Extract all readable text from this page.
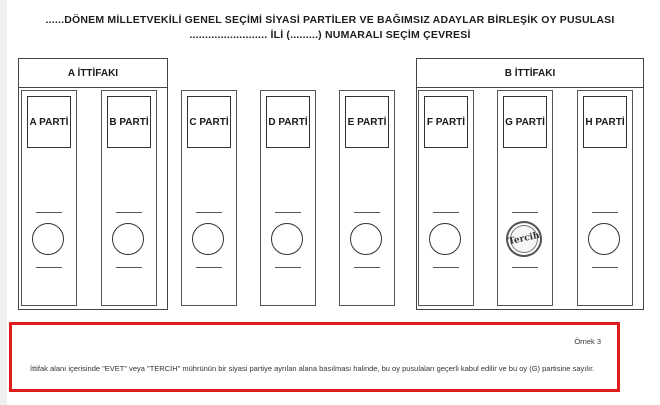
......DÖNEM MİLLETVEKİLİ GENEL SEÇİMİ SİYASİ PARTİLER VE BAĞIMSIZ ADAYLAR BİRLEŞİK OY PUSULASI
......................... İLİ (.........) NUMARALI SEÇİM ÇEVRESİ
A İTTİFAKI	B İTTİFAKI
A PARTİ	B PARTİ	C PARTİ	D PARTİ	E PARTİ	F PARTİ	G PARTİ
Tercih
H PARTİ
Örnek 3
İttifak alanı içerisinde "EVET" veya "TERCİH" mührünün bir siyasi partiye ayrılan alana basılması halinde, bu oy pusulaları geçerli kabul edilir ve bu oy (G) partisine sayılır.
